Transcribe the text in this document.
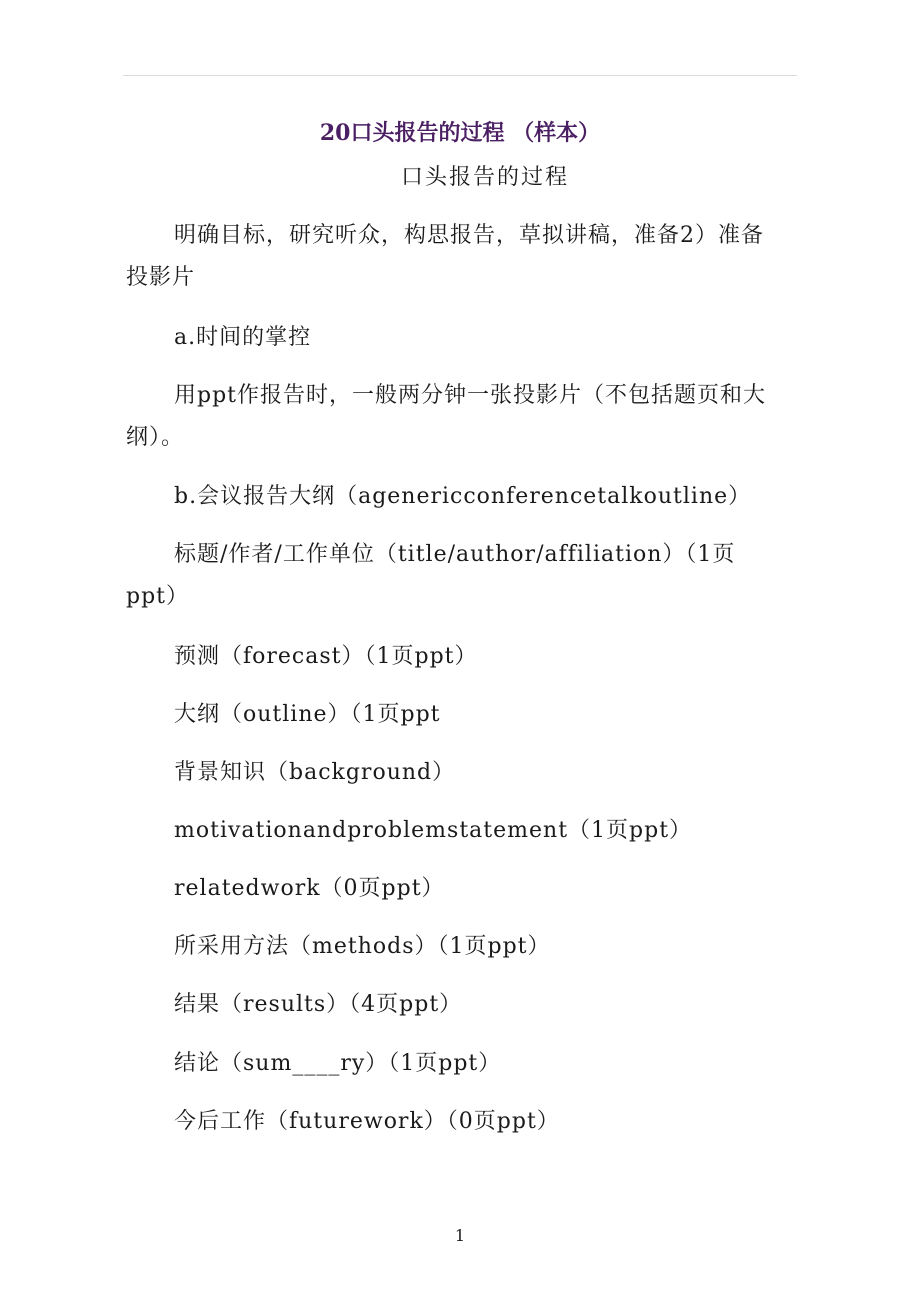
20口头报告的过程 （样本）
口头报告的过程

明确目标，研究听众，构思报告，草拟讲稿，准备2）准备投影片

a.时间的掌控

用ppt作报告时，一般两分钟一张投影片（不包括题页和大纲）。

b.会议报告大纲（agenericconferencetalkoutline）

标题/作者/工作单位（title/author/affiliation）（1页ppt）

预测（forecast）（1页ppt）

大纲（outline）（1页ppt

背景知识（background）

motivationandproblemstatement（1页ppt）

relatedwork（0页ppt）

所采用方法（methods）（1页ppt）

结果（results）（4页ppt）

结论（sum____ry）（1页ppt）

今后工作（futurework）（0页ppt）

1
